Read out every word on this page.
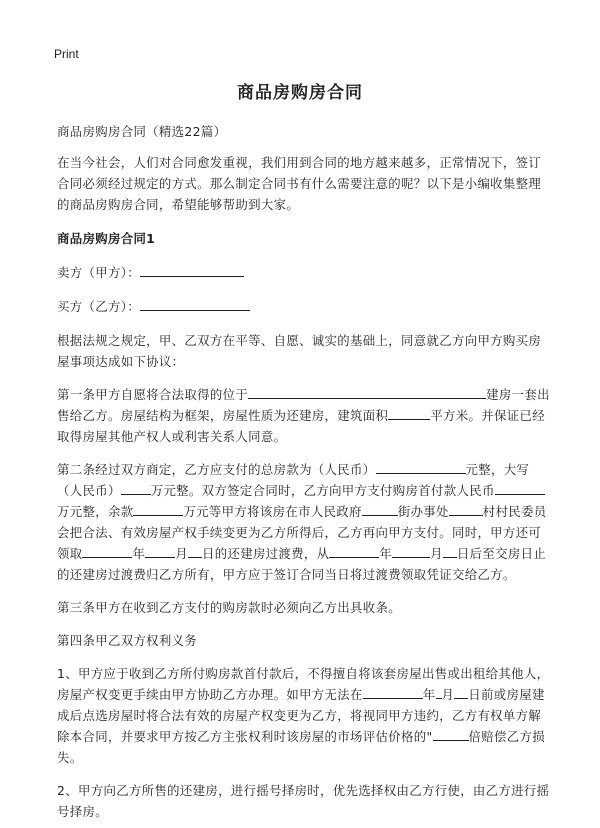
Print
商品房购房合同

商品房购房合同（精选22篇）

在当今社会，人们对合同愈发重视，我们用到合同的地方越来越多，正常情况下，签订合同必须经过规定的方式。那么制定合同书有什么需要注意的呢？以下是小编收集整理的商品房购房合同，希望能够帮助到大家。

商品房购房合同1

卖方（甲方）：

买方（乙方）：

根据法规之规定，甲、乙双方在平等、自愿、诚实的基础上，同意就乙方向甲方购买房屋事项达成如下协议：

第一条甲方自愿将合法取得的位于	建房一套出售给乙方。房屋结构为框架，房屋性质为还建房，建筑面积	平方米。并保证已经取得房屋其他产权人或利害关系人同意。

第二条经过双方商定，乙方应支付的总房款为（人民币）	元整，大写（人民币） 万元整。双方签定合同时，乙方向甲方支付购房首付款人民币万元整，余款	万元等甲方将该房在市人民政府	街办事处	村村民委员会把合法、有效房屋产权手续变更为乙方所得后，乙方再向甲方支付。同时，甲方还可领取	年 月 日的还建房过渡费，从	年	月 日后至交房日止的还建房过渡费归乙方所有，甲方应于签订合同当日将过渡费领取凭证交给乙方。

第三条甲方在收到乙方支付的购房款时必须向乙方出具收条。

第四条甲乙双方权利义务

1、甲方应于收到乙方所付购房款首付款后，不得擅自将该套房屋出售或出租给其他人，房屋产权变更手续由甲方协助乙方办理。如甲方无法在	年 月 日前或房屋建成后点选房屋时将合法有效的房屋产权变更为乙方，将视同甲方违约，乙方有权单方解除本合同，并要求甲方按乙方主张权利时该房屋的市场评估价格的"	倍赔偿乙方损失。

2、甲方向乙方所售的还建房，进行摇号择房时，优先选择权由乙方行使，由乙方进行摇号择房。
